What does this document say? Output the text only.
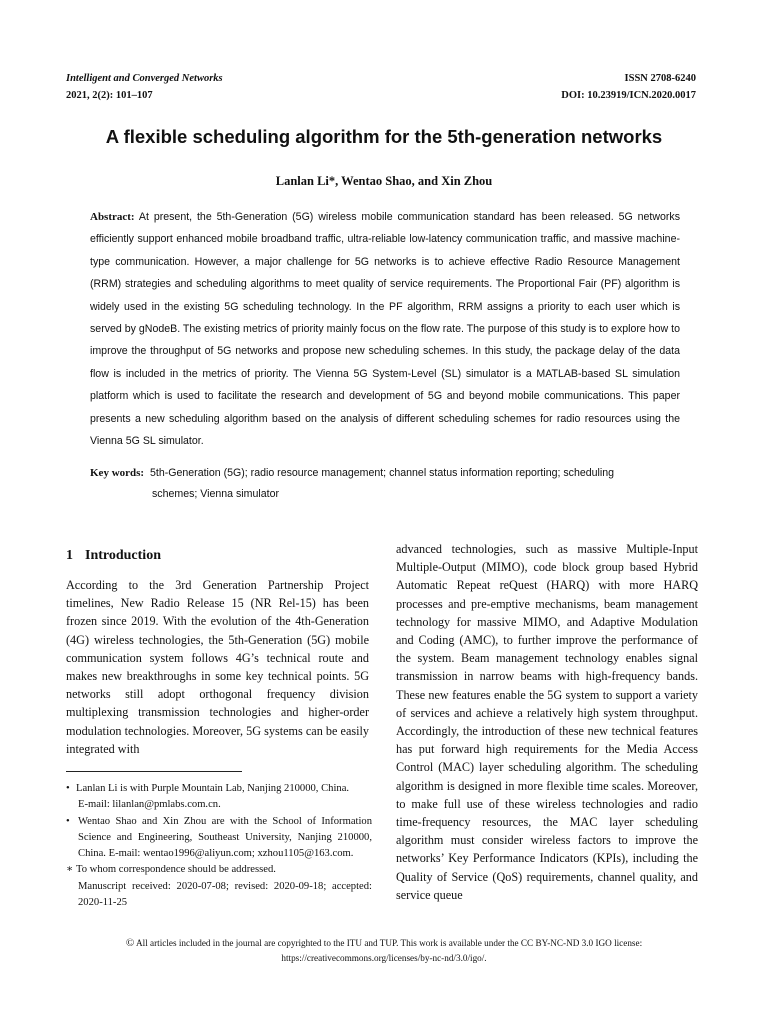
Intelligent and Converged Networks
2021, 2(2): 101–107
ISSN 2708-6240
DOI: 10.23919/ICN.2020.0017
A flexible scheduling algorithm for the 5th-generation networks
Lanlan Li*, Wentao Shao, and Xin Zhou
Abstract: At present, the 5th-Generation (5G) wireless mobile communication standard has been released. 5G networks efficiently support enhanced mobile broadband traffic, ultra-reliable low-latency communication traffic, and massive machine-type communication. However, a major challenge for 5G networks is to achieve effective Radio Resource Management (RRM) strategies and scheduling algorithms to meet quality of service requirements. The Proportional Fair (PF) algorithm is widely used in the existing 5G scheduling technology. In the PF algorithm, RRM assigns a priority to each user which is served by gNodeB. The existing metrics of priority mainly focus on the flow rate. The purpose of this study is to explore how to improve the throughput of 5G networks and propose new scheduling schemes. In this study, the package delay of the data flow is included in the metrics of priority. The Vienna 5G System-Level (SL) simulator is a MATLAB-based SL simulation platform which is used to facilitate the research and development of 5G and beyond mobile communications. This paper presents a new scheduling algorithm based on the analysis of different scheduling schemes for radio resources using the Vienna 5G SL simulator.
Key words: 5th-Generation (5G); radio resource management; channel status information reporting; scheduling
schemes; Vienna simulator
1 Introduction
According to the 3rd Generation Partnership Project timelines, New Radio Release 15 (NR Rel-15) has been frozen since 2019. With the evolution of the 4th-Generation (4G) wireless technologies, the 5th-Generation (5G) mobile communication system follows 4G’s technical route and makes new breakthroughs in some key technical points. 5G networks still adopt orthogonal frequency division multiplexing transmission technologies and higher-order modulation technologies. Moreover, 5G systems can be easily integrated with
• Lanlan Li is with Purple Mountain Lab, Nanjing 210000, China.
E-mail: lilanlan@pmlabs.com.cn.
• Wentao Shao and Xin Zhou are with the School of Information Science and Engineering, Southeast University, Nanjing 210000, China. E-mail: wentao1996@aliyun.com; xzhou1105@163.com.
∗ To whom correspondence should be addressed.
Manuscript received: 2020-07-08; revised: 2020-09-18; accepted: 2020-11-25
advanced technologies, such as massive Multiple-Input Multiple-Output (MIMO), code block group based Hybrid Automatic Repeat reQuest (HARQ) with more HARQ processes and pre-emptive mechanisms, beam management technology for massive MIMO, and Adaptive Modulation and Coding (AMC), to further improve the performance of the system. Beam management technology enables signal transmission in narrow beams with high-frequency bands. These new features enable the 5G system to support a variety of services and achieve a relatively high system throughput. Accordingly, the introduction of these new technical features has put forward high requirements for the Media Access Control (MAC) layer scheduling algorithm. The scheduling algorithm is designed in more flexible time scales. Moreover, to make full use of these wireless technologies and radio time-frequency resources, the MAC layer scheduling algorithm must consider wireless factors to improve the networks’ Key Performance Indicators (KPIs), including the Quality of Service (QoS) requirements, channel quality, and service queue
© All articles included in the journal are copyrighted to the ITU and TUP. This work is available under the CC BY-NC-ND 3.0 IGO license:
https://creativecommons.org/licenses/by-nc-nd/3.0/igo/.
